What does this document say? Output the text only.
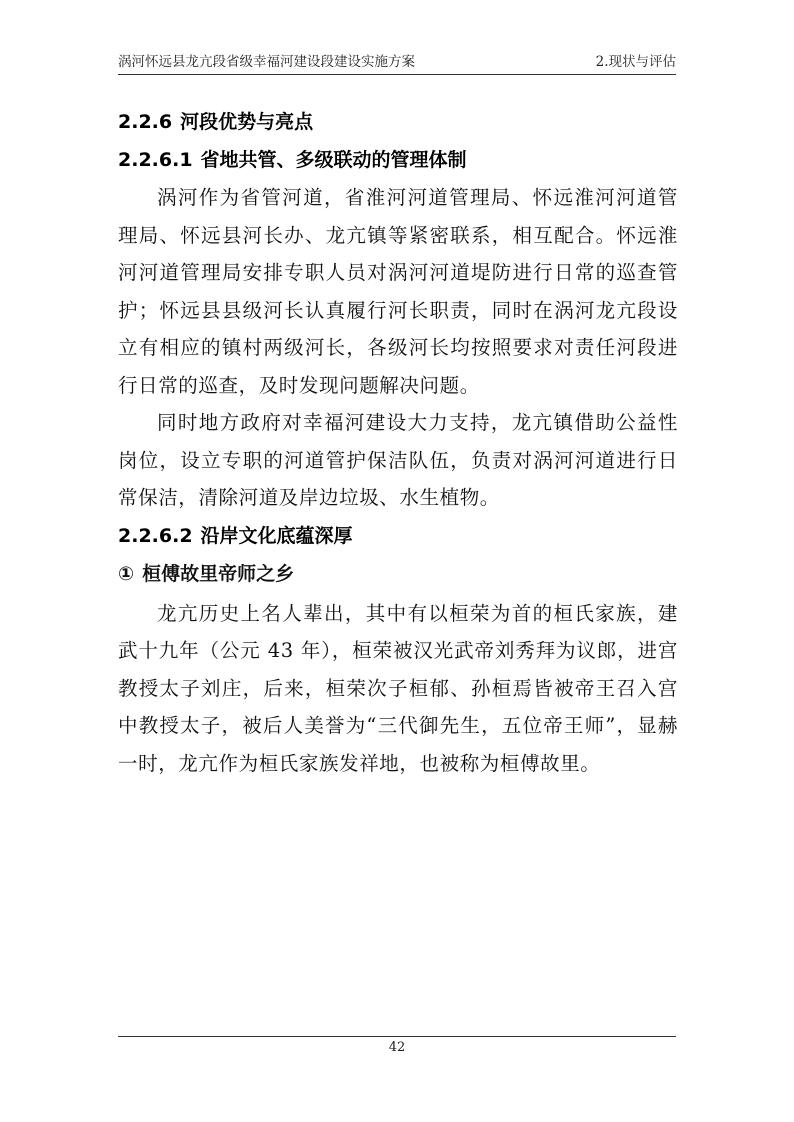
涡河怀远县龙亢段省级幸福河建设段建设实施方案	2.现状与评估
2.2.6 河段优势与亮点
2.2.6.1 省地共管、多级联动的管理体制

涡河作为省管河道，省淮河河道管理局、怀远淮河河道管理局、怀远县河长办、龙亢镇等紧密联系，相互配合。怀远淮河河道管理局安排专职人员对涡河河道堤防进行日常的巡查管护；怀远县县级河长认真履行河长职责，同时在涡河龙亢段设立有相应的镇村两级河长，各级河长均按照要求对责任河段进行日常的巡查，及时发现问题解决问题。

同时地方政府对幸福河建设大力支持，龙亢镇借助公益性岗位，设立专职的河道管护保洁队伍，负责对涡河河道进行日常保洁，清除河道及岸边垃圾、水生植物。

2.2.6.2 沿岸文化底蕴深厚
① 桓傅故里帝师之乡

龙亢历史上名人辈出，其中有以桓荣为首的桓氏家族，建武十九年（公元 43 年），桓荣被汉光武帝刘秀拜为议郎，进宫教授太子刘庄，后来，桓荣次子桓郁、孙桓焉皆被帝王召入宫中教授太子，被后人美誉为“三代御先生，五位帝王师”，显赫一时，龙亢作为桓氏家族发祥地，也被称为桓傅故里。

42
